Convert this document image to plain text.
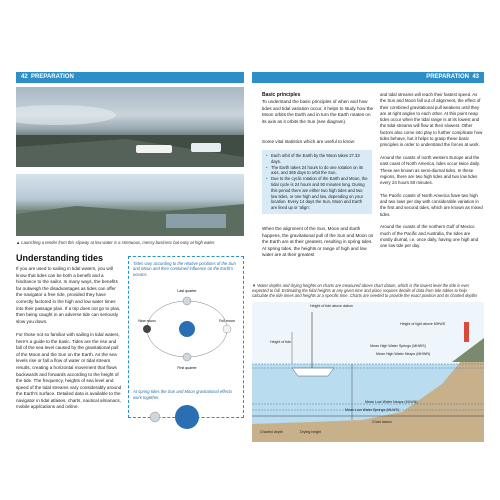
42 PREPARATION	PREPARATION 43
▲ Launching a tender from this slipway at low water is a strenuous, messy business but easy at high water.
Understanding tides
If you are used to sailing in tidal waters, you will know that tides can be both a benefit and a hindrance to the sailor. In many ways, the benefits far outweigh the disadvantages as tides can offer the navigator a free ride, provided they have correctly factored in the high and low water times into their passage plan. If a trip does not go to plan, then being caught in an adverse tide can seriously slow you down.

For those not so familiar with sailing in tidal waters, here's a guide to the basic. Tides are the rise and fall of the sea level caused by the gravitational pull of the Moon and the Sun on the Earth. As the sea levels rise or fall a flow of water or tidal stream results, creating a horizontal movement that flows backwards and forwards according to the height of the tide. The frequency, heights of sea level and speed of the tidal streams vary considerably around the Earth's surface. Detailed data is available to the navigator in tidal atlases, charts, nautical almanacs, mobile applications and online.
Tides vary according to the relative positions of the Sun and Moon and their combined influence on the Earth's oceans.
Last quarter
New moon	Full moon
First quarter
At spring tides the Sun and Moon gravitational effects work together.
Basic principles
To understand the basic principles of when and how tides and tidal variation occur, it helps to study how the Moon orbits the Earth and in turn the Earth rotates on its axis as it orbits the Sun (see diagram).
Some vital statistics which are useful to know:
• Each orbit of the Earth by the Moon takes 27.33 days.
• The Earth takes 24 hours to do one rotation on its axis, and 365 days to orbit the Sun.
• Due to the cyclic rotation of the Earth and Moon, the tidal cycle is 24 hours and 50 minutes long. During this period there are either two high tides and two low tides, or one high and low, depending on your location. Every 14 days the Sun, Moon and Earth are lined up or 'align'.
When the alignment of the Sun, Moon and Earth happens, the gravitational pull of the Sun and Moon on the Earth are at their greatest, resulting in spring tides. At spring tides, the heights or range of high and low water are at their greatest
and tidal streams will reach their fastest speed. As the Sun and Moon fall out of alignment, the effect of their combined gravitational pull weakens until they are at right angles to each other. At this point neap tides occur when the tidal range is at its lowest and the tidal streams will flow at their slowest. Other factors also come into play to further complicate how tides behave, but it helps to grasp these basic principles in order to understand the forces at work.

Around the coasts of north western Europe and the east coast of North America, tides occur twice daily. These are known as semi-diurnal tides. In these regions, there are two high tides and two low tides every 24 hours 50 minutes.

The Pacific coasts of North America have two high and two lows per day with considerable variation in the first and second tides, which are known as mixed tides.

Around the coasts of the northern Gulf of Mexico much of the Pacific and Australia, the tides are mostly diurnal, i.e. once daily, having one high and one low tide per day.
▼ Water depths and drying heights on charts are measured above chart datum, which is the lowest level the tide is ever expected to fall. Estimating the tidal heights at any given time and place requires details of data from tide tables to help calculate the tide times and heights at a specific time. Charts are needed to provide the exact position and its charted depths
Height of tide above datum
Height of light above MHWS
Height of tide
Mean High Water Springs (MHWS)
Mean High Water Neaps (MHWN)
Mean Low Water Neaps (MLWN)
Mean Low Water Springs (MLWS)
Chart datum
Drying height
Charted depth
